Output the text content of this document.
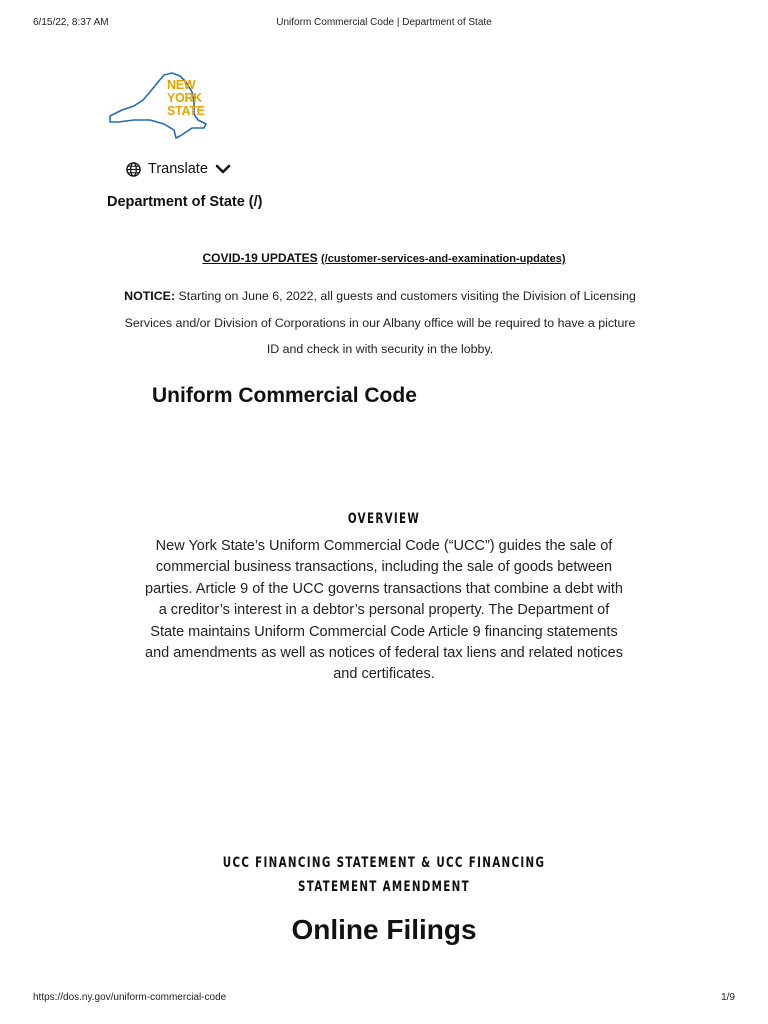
6/15/22, 8:37 AM	Uniform Commercial Code | Department of State
NEW
YORK
STATE
Translate
Department of State (/)
COVID-19 UPDATES (/customer-services-and-examination-updates)
NOTICE: Starting on June 6, 2022, all guests and customers visiting the Division of Licensing Services and/or Division of Corporations in our Albany office will be required to have a picture ID and check in with security in the lobby.
Uniform Commercial Code
OVERVIEW
New York State’s Uniform Commercial Code (“UCC”) guides the sale of commercial business transactions, including the sale of goods between parties. Article 9 of the UCC governs transactions that combine a debt with a creditor’s interest in a debtor’s personal property. The Department of State maintains Uniform Commercial Code Article 9 financing statements and amendments as well as notices of federal tax liens and related notices and certificates.
UCC FINANCING STATEMENT & UCC FINANCING STATEMENT AMENDMENT
Online Filings
https://dos.ny.gov/uniform-commercial-code	1/9
